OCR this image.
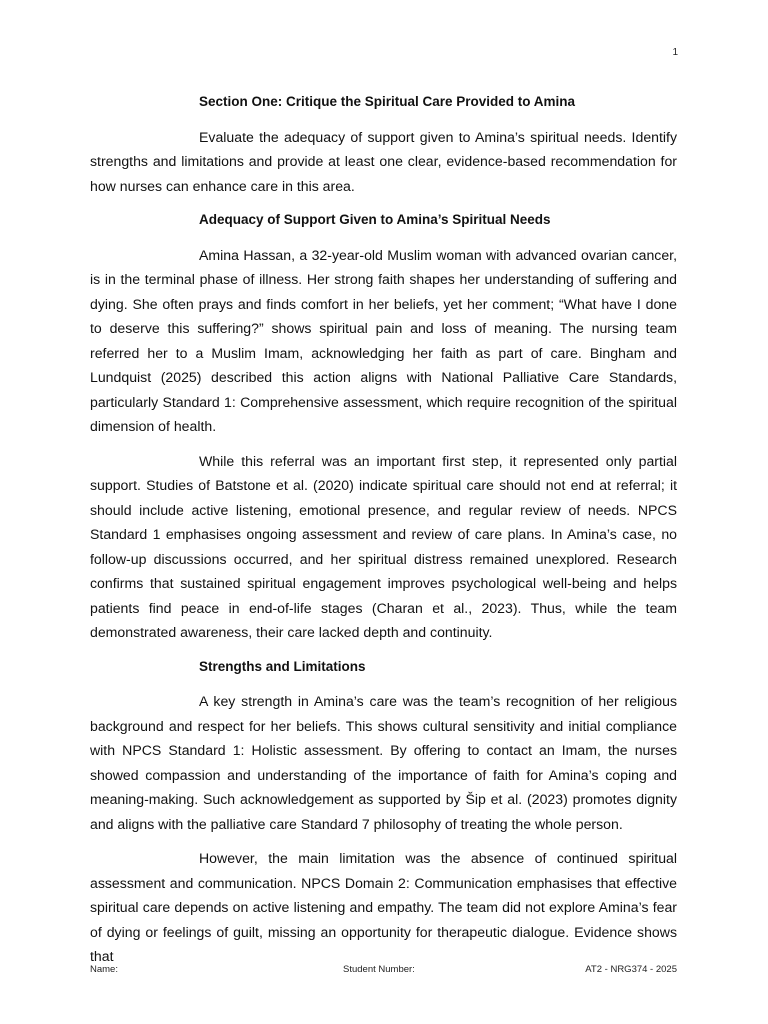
1

Section One: Critique the Spiritual Care Provided to Amina

Evaluate the adequacy of support given to Amina’s spiritual needs. Identify strengths and limitations and provide at least one clear, evidence-based recommendation for how nurses can enhance care in this area.

Adequacy of Support Given to Amina’s Spiritual Needs

Amina Hassan, a 32-year-old Muslim woman with advanced ovarian cancer, is in the terminal phase of illness. Her strong faith shapes her understanding of suffering and dying. She often prays and finds comfort in her beliefs, yet her comment; “What have I done to deserve this suffering?” shows spiritual pain and loss of meaning. The nursing team referred her to a Muslim Imam, acknowledging her faith as part of care. Bingham and Lundquist (2025) described this action aligns with National Palliative Care Standards, particularly Standard 1: Comprehensive assessment, which require recognition of the spiritual dimension of health.

While this referral was an important first step, it represented only partial support. Studies of Batstone et al. (2020) indicate spiritual care should not end at referral; it should include active listening, emotional presence, and regular review of needs. NPCS Standard 1 emphasises ongoing assessment and review of care plans. In Amina’s case, no follow-up discussions occurred, and her spiritual distress remained unexplored. Research confirms that sustained spiritual engagement improves psychological well-being and helps patients find peace in end-of-life stages (Charan et al., 2023). Thus, while the team demonstrated awareness, their care lacked depth and continuity.

Strengths and Limitations

A key strength in Amina’s care was the team’s recognition of her religious background and respect for her beliefs. This shows cultural sensitivity and initial compliance with NPCS Standard 1: Holistic assessment. By offering to contact an Imam, the nurses showed compassion and understanding of the importance of faith for Amina’s coping and meaning-making. Such acknowledgement as supported by Šip et al. (2023) promotes dignity and aligns with the palliative care Standard 7 philosophy of treating the whole person.

However, the main limitation was the absence of continued spiritual assessment and communication. NPCS Domain 2: Communication emphasises that effective spiritual care depends on active listening and empathy. The team did not explore Amina’s fear of dying or feelings of guilt, missing an opportunity for therapeutic dialogue. Evidence shows that

Name:	Student Number:	AT2 - NRG374 - 2025
